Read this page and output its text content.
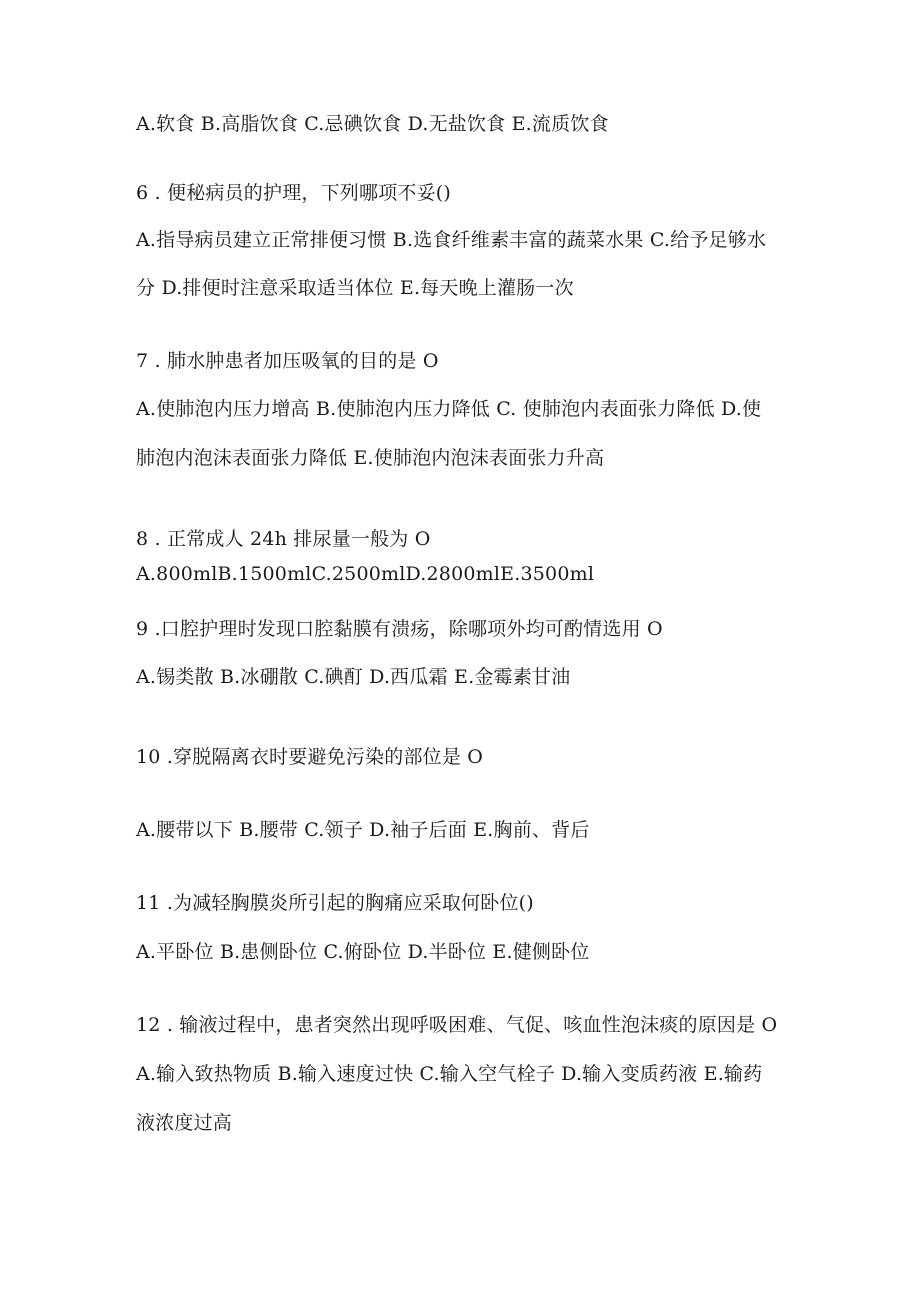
A.软食 B.高脂饮食 C.忌碘饮食 D.无盐饮食 E.流质饮食
6 . 便秘病员的护理，下列哪项不妥()
A.指导病员建立正常排便习惯 B.选食纤维素丰富的蔬菜水果 C.给予足够水
分 D.排便时注意采取适当体位 E.每天晚上灌肠一次
7 . 肺水肿患者加压吸氧的目的是 O
A.使肺泡内压力增高 B.使肺泡内压力降低 C. 使肺泡内表面张力降低 D.使
肺泡内泡沫表面张力降低 E.使肺泡内泡沫表面张力升高
8 . 正常成人 24h 排尿量一般为 O
A.800mlB.1500mlC.2500mlD.2800mlE.3500ml
9 .口腔护理时发现口腔黏膜有溃疡，除哪项外均可酌情选用 O
A.锡类散 B.冰硼散 C.碘酊 D.西瓜霜 E.金霉素甘油
10 .穿脱隔离衣时要避免污染的部位是 O
A.腰带以下 B.腰带 C.领子 D.袖子后面 E.胸前、背后
11 .为减轻胸膜炎所引起的胸痛应采取何卧位()
A.平卧位 B.患侧卧位 C.俯卧位 D.半卧位 E.健侧卧位
12 . 输液过程中，患者突然出现呼吸困难、气促、咳血性泡沫痰的原因是 O
A.输入致热物质 B.输入速度过快 C.输入空气栓子 D.输入变质药液 E.输药
液浓度过高
